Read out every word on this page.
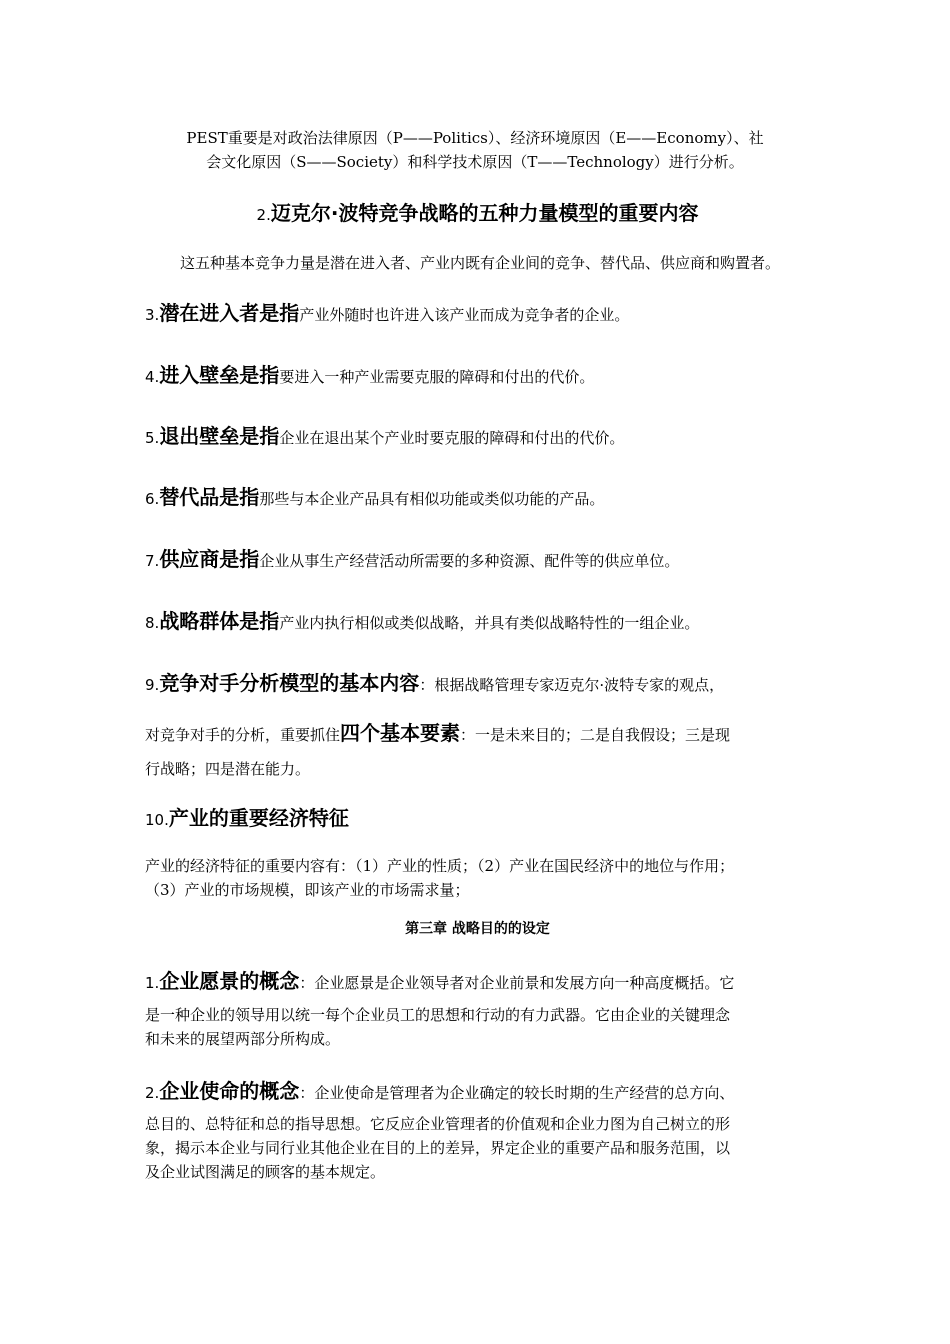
PEST重要是对政治法律原因（P——Politics）、经济环境原因（E——Economy）、社
会文化原因（S——Society）和科学技术原因（T——Technology）进行分析。
2.迈克尔·波特竞争战略的五种力量模型的重要内容
这五种基本竞争力量是潜在进入者、产业内既有企业间的竞争、替代品、供应商和购置者。
3.潜在进入者是指产业外随时也许进入该产业而成为竞争者的企业。
4.进入壁垒是指要进入一种产业需要克服的障碍和付出的代价。
5.退出壁垒是指企业在退出某个产业时要克服的障碍和付出的代价。
6.替代品是指那些与本企业产品具有相似功能或类似功能的产品。
7.供应商是指企业从事生产经营活动所需要的多种资源、配件等的供应单位。
8.战略群体是指产业内执行相似或类似战略，并具有类似战略特性的一组企业。
9.竞争对手分析模型的基本内容：根据战略管理专家迈克尔·波特专家的观点，
对竞争对手的分析，重要抓住四个基本要素：一是未来目的；二是自我假设；三是现
行战略；四是潜在能力。
10.产业的重要经济特征
产业的经济特征的重要内容有：（1）产业的性质；（2）产业在国民经济中的地位与作用；
（3）产业的市场规模，即该产业的市场需求量；
第三章 战略目的的设定
1.企业愿景的概念：企业愿景是企业领导者对企业前景和发展方向一种高度概括。它
是一种企业的领导用以统一每个企业员工的思想和行动的有力武器。它由企业的关键理念
和未来的展望两部分所构成。
2.企业使命的概念：企业使命是管理者为企业确定的较长时期的生产经营的总方向、
总目的、总特征和总的指导思想。它反应企业管理者的价值观和企业力图为自己树立的形
象，揭示本企业与同行业其他企业在目的上的差异，界定企业的重要产品和服务范围，以
及企业试图满足的顾客的基本规定。
